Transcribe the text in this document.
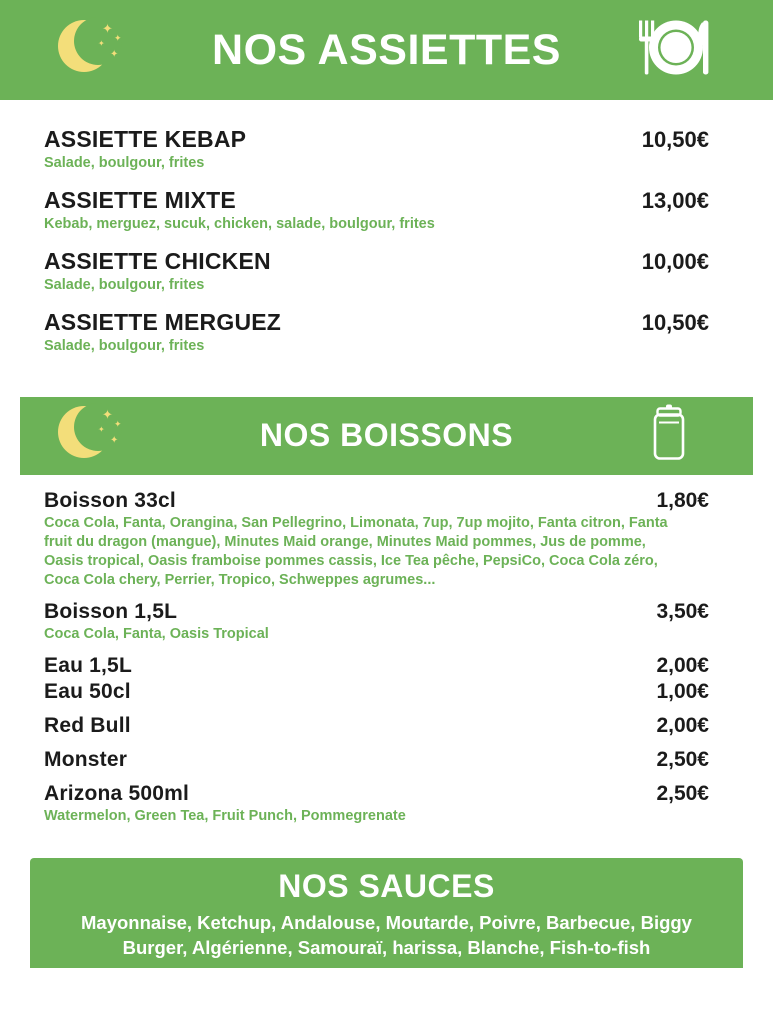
✦
✦
✦
✦ NOS ASSIETTES
ASSIETTE KEBAP	10,50€
Salade, boulgour, frites
ASSIETTE MIXTE	13,00€
Kebab, merguez, sucuk, chicken, salade, boulgour, frites
ASSIETTE CHICKEN	10,00€
Salade, boulgour, frites
ASSIETTE MERGUEZ	10,50€
Salade, boulgour, frites
✦
✦
✦
✦	NOS BOISSONS
Boisson 33cl	1,80€
Coca Cola, Fanta, Orangina, San Pellegrino, Limonata, 7up, 7up mojito, Fanta citron, Fanta fruit du dragon (mangue), Minutes Maid orange, Minutes Maid pommes, Jus de pomme, Oasis tropical, Oasis framboise pommes cassis, Ice Tea pêche, PepsiCo, Coca Cola zéro, Coca Cola chery, Perrier, Tropico, Schweppes agrumes...
Boisson 1,5L	3,50€
Coca Cola, Fanta, Oasis Tropical
Eau 1,5L	2,00€
Eau 50cl	1,00€
Red Bull	2,00€
Monster	2,50€
Arizona 500ml	2,50€
Watermelon, Green Tea, Fruit Punch, Pommegrenate
NOS SAUCES
Mayonnaise, Ketchup, Andalouse, Moutarde, Poivre, Barbecue, Biggy Burger, Algérienne, Samouraï, harissa, Blanche, Fish-to-fish
